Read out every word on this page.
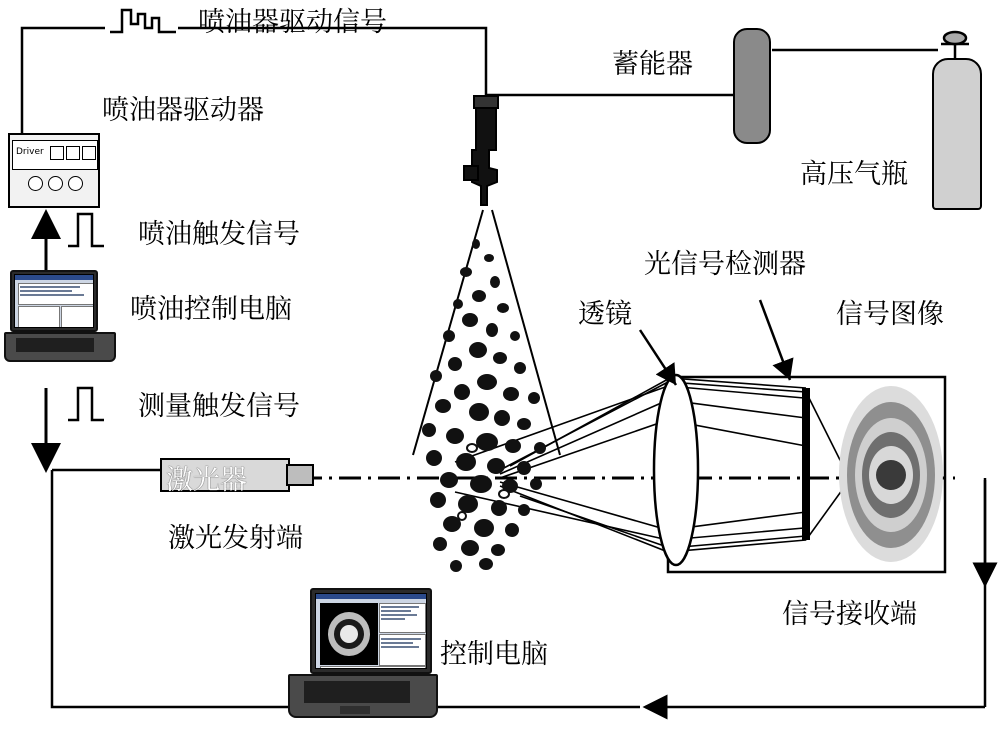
Driver
激光器
喷油器驱动信号
喷油器驱动器
喷油触发信号
喷油控制电脑
测量触发信号
激光发射端
控制电脑
蓄能器
高压气瓶
光信号检测器
透镜	信号图像
信号接收端
